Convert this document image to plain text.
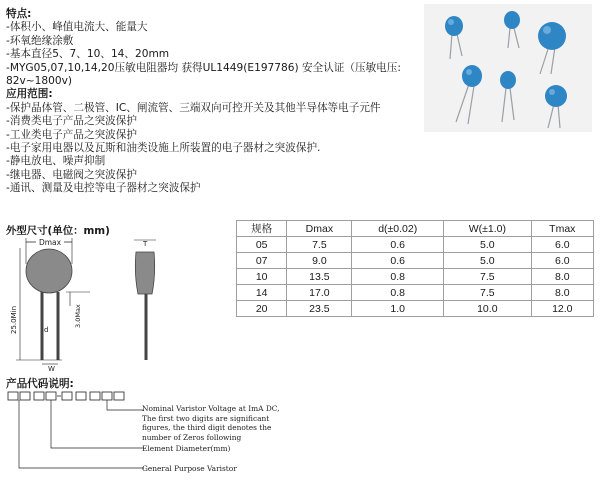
特点:
-体积小、峰值电流大、能量大
-环氧绝缘涂敷
-基本直径5、7、10、14、20mm
-MYG05,07,10,14,20压敏电阻器均 获得UL1449(E197786) 安全认证（压敏电压:
82v~1800v)
应用范围:
-保护晶体管、二极管、IC、闸流管、三端双向可控开关及其他半导体等电子元件
-消费类电子产品之突波保护
-工业类电子产品之突波保护
-电子家用电器以及瓦斯和油类设施上所装置的电子器材之突波保护.
-静电放电、噪声抑制
-继电器、电磁阀之突波保护
-通讯、测量及电控等电子器材之突波保护
外型尺寸(单位：mm)
Dmax
25.0Min	3.0Max
d
W
T
规格	Dmax	d(±0.02)	W(±1.0)	Tmax
05	7.5	0.6	5.0	6.0
07	9.0	0.6	5.0	6.0
10	13.5	0.8	7.5	8.0
14	17.0	0.8	7.5	8.0
20	23.5	1.0	10.0	12.0
产品代码说明:
Nominal Varistor Voltage at ImA DC,
The first two digits are significant
figures, the third digit denotes the
number of Zeros following
Element Diameter(mm)
General Purpose Varistor
